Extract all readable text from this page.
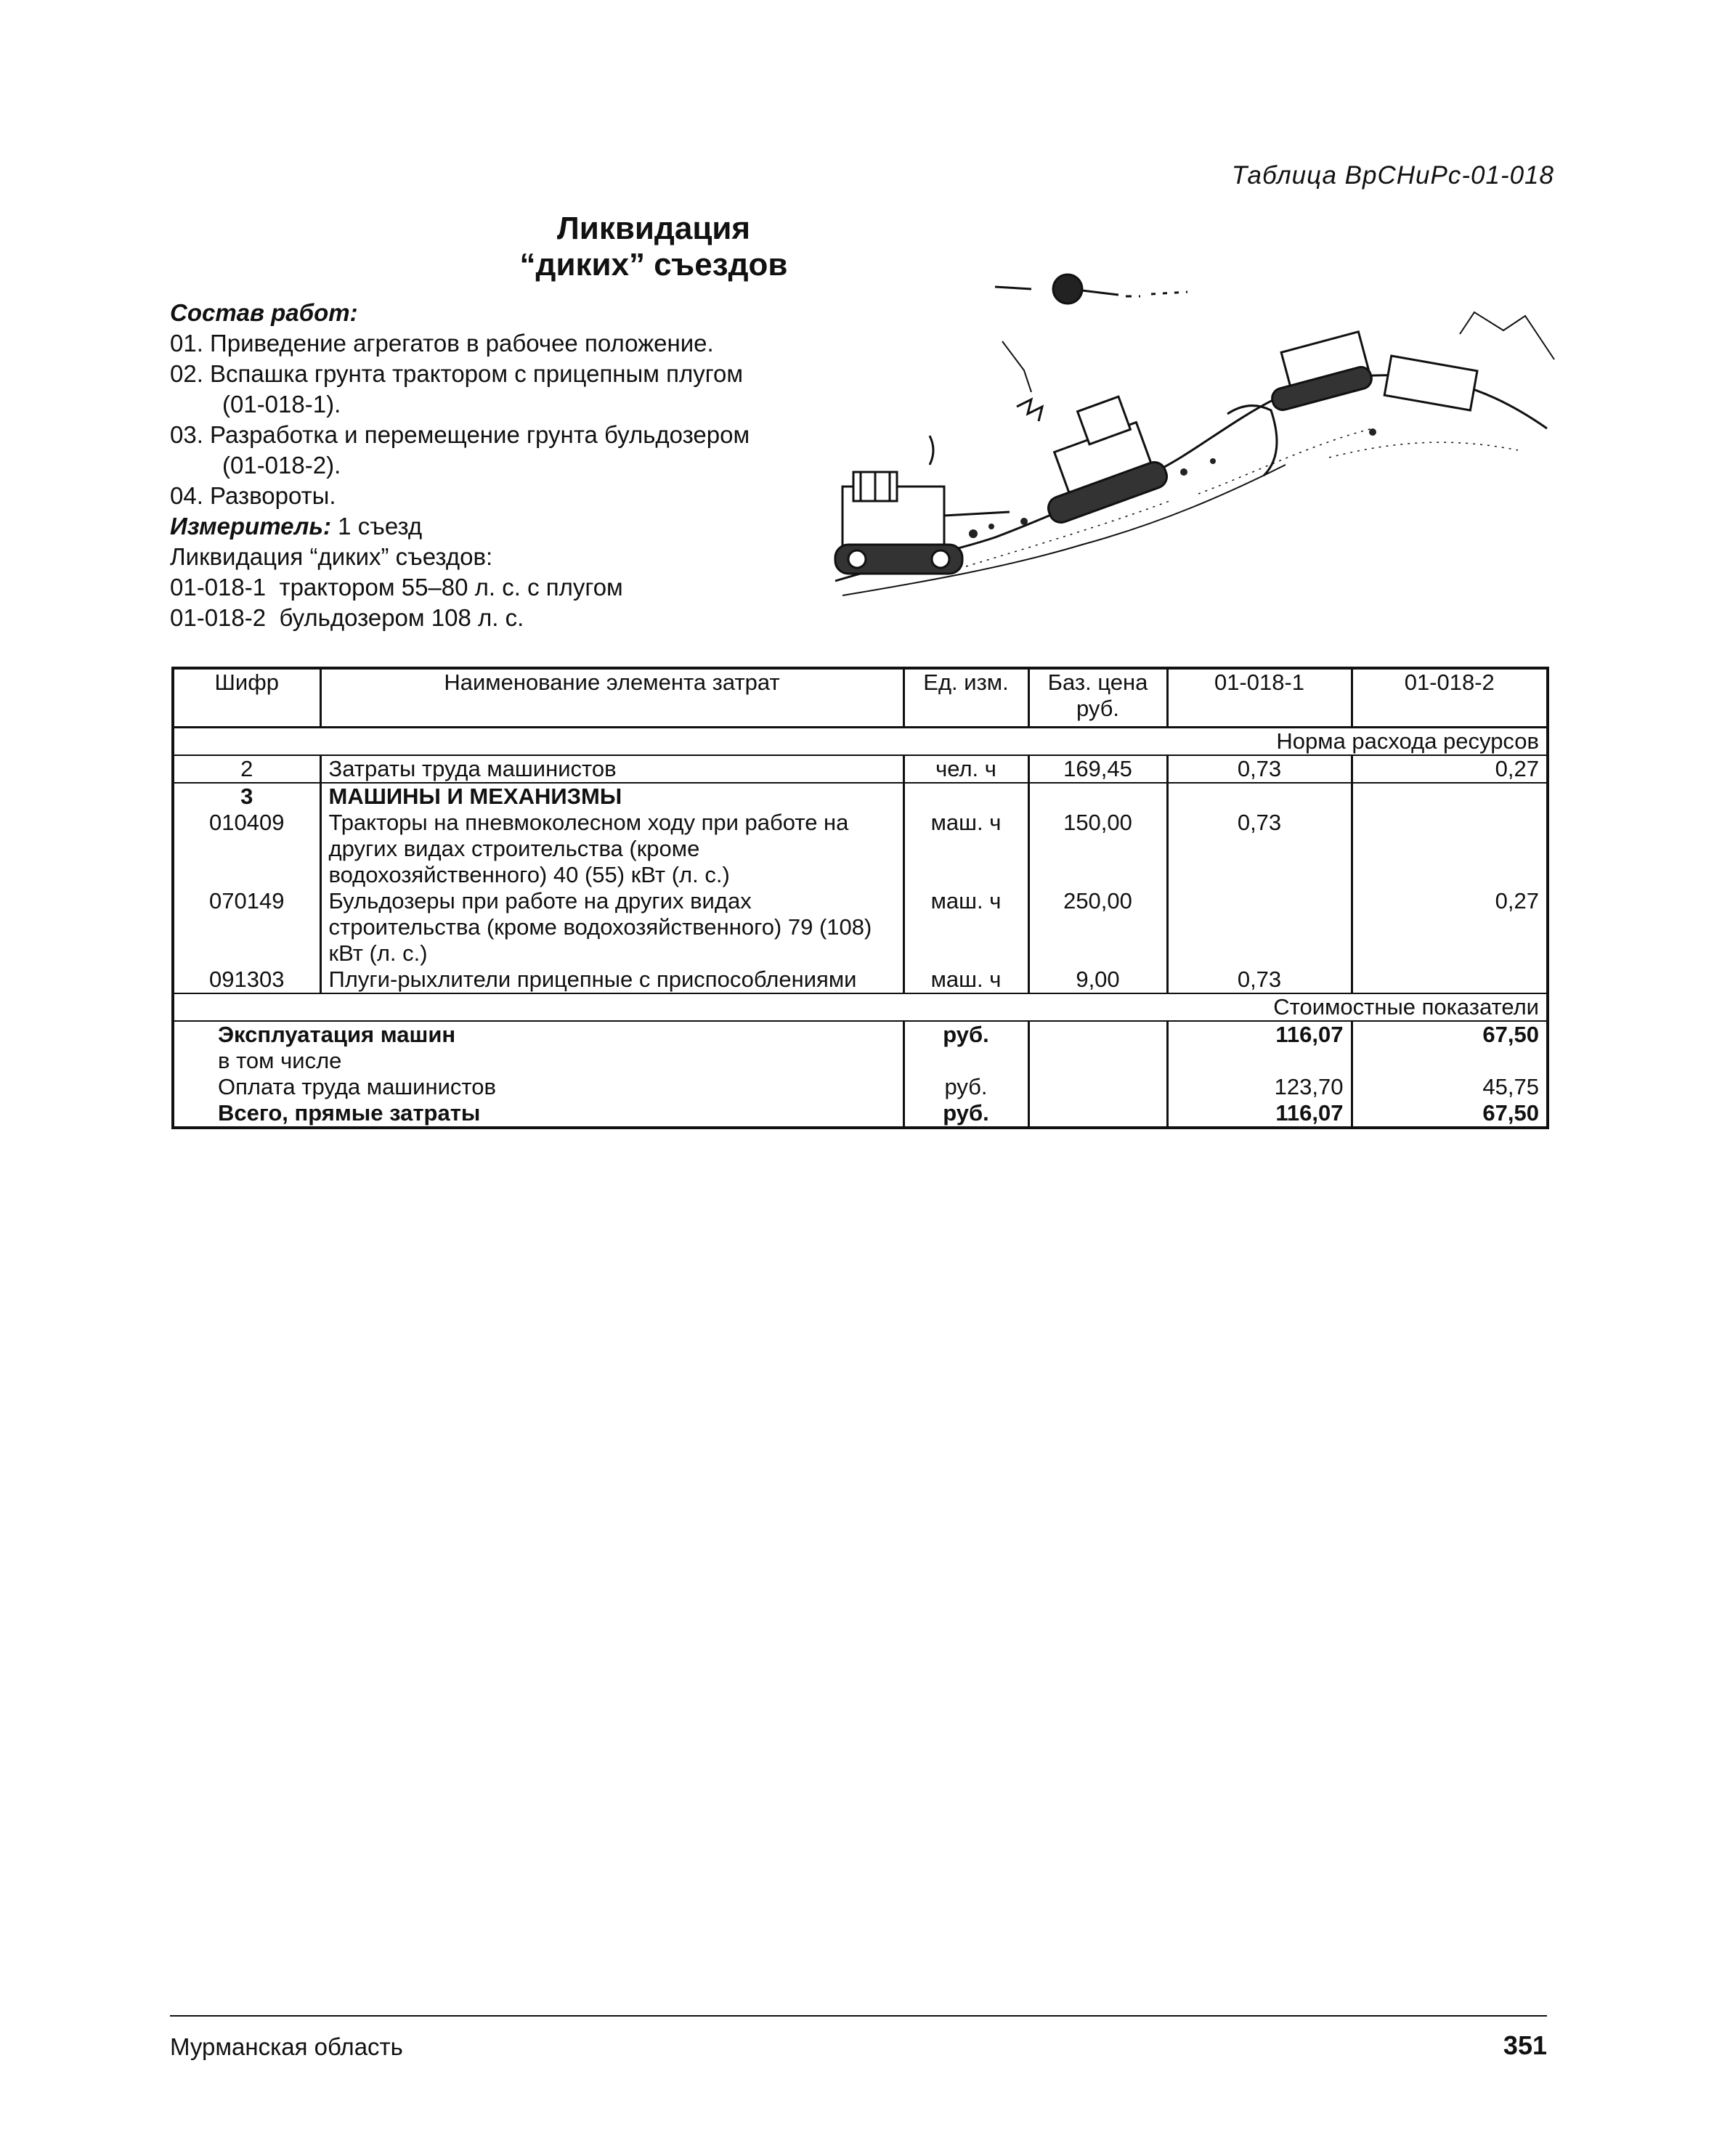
Таблица ВрСНиРс-01-018
Ликвидация
“диких” съездов
Состав работ:
01. Приведение агрегатов в рабочее положение.
02. Вспашка грунта трактором с прицепным плугом
(01-018-1).
03. Разработка и перемещение грунта бульдозером
(01-018-2).
04. Развороты.
Измеритель: 1 съезд
Ликвидация “диких” съездов:
01-018-1 трактором 55–80 л. с. с плугом
01-018-2 бульдозером 108 л. с.
Шифр	Наименование элемента затрат	Ед. изм.	Баз. цена руб.	01-018-1	01-018-2
Норма расхода ресурсов					
2	Затраты труда машинистов	чел. ч	169,45	0,73	0,27
3	МАШИНЫ И МЕХАНИЗМЫ				
010409	Тракторы на пневмоколесном ходу при работе на других видах строительства (кроме водохозяйственного) 40 (55) кВт (л. с.)	маш. ч	150,00	0,73	
070149	Бульдозеры при работе на других видах строительства (кроме водохозяйственного) 79 (108) кВт (л. с.)	маш. ч	250,00		0,27
091303	Плуги-рыхлители прицепные с приспособлениями	маш. ч	9,00	0,73	
Стоимостные показатели					
Эксплуатация машин		руб.		116,07	67,50
в том числе					
Оплата труда машинистов		руб.		123,70	45,75
Всего, прямые затраты		руб.		116,07	67,50
Мурманская область	351
